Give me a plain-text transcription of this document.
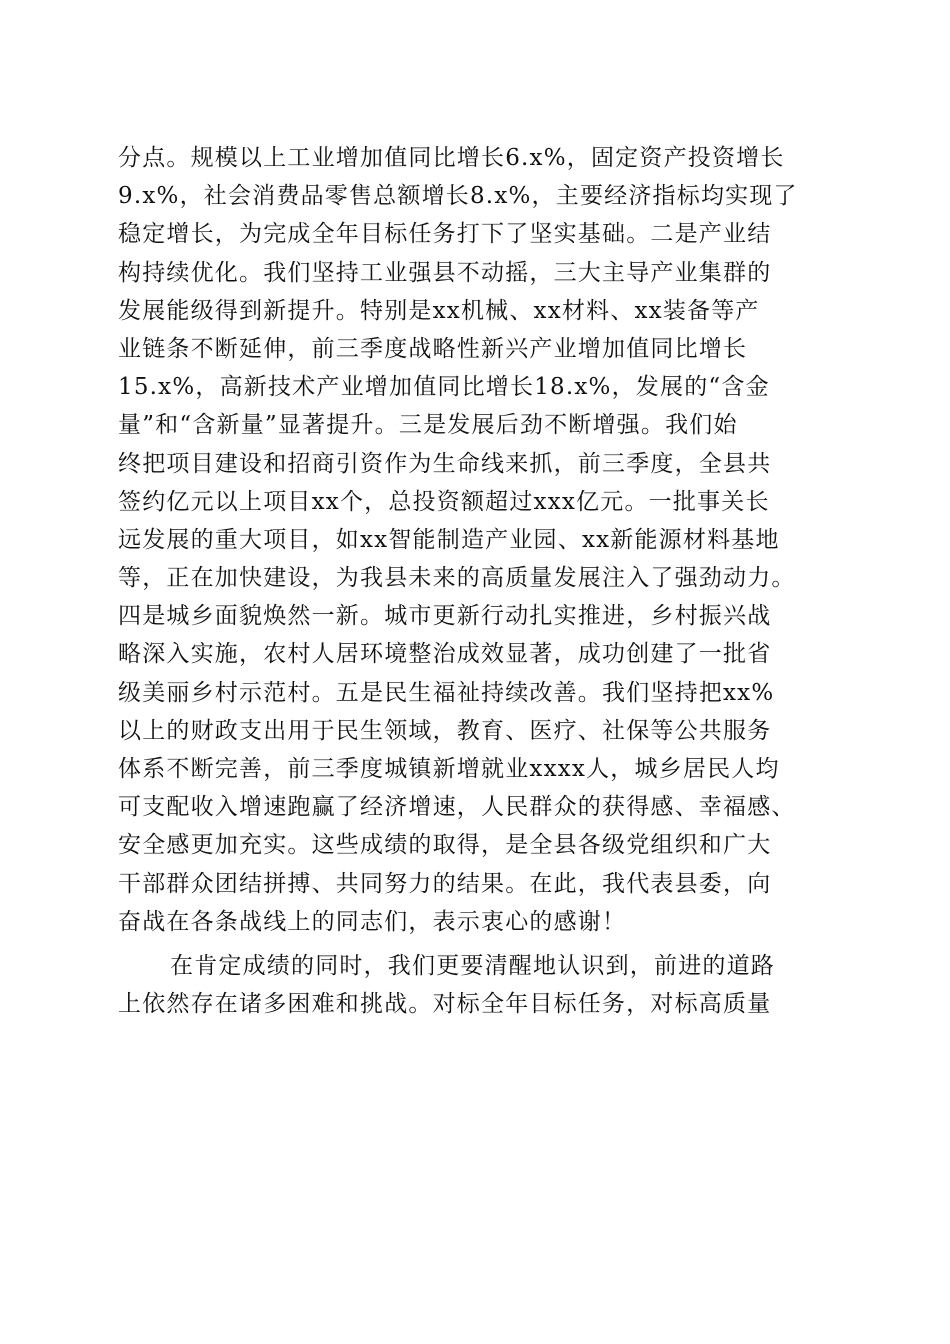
分点。规模以上工业增加值同比增长6.x%，固定资产投资增长
9.x%，社会消费品零售总额增长8.x%，主要经济指标均实现了
稳定增长，为完成全年目标任务打下了坚实基础。二是产业结
构持续优化。我们坚持工业强县不动摇，三大主导产业集群的
发展能级得到新提升。特别是xx机械、xx材料、xx装备等产
业链条不断延伸，前三季度战略性新兴产业增加值同比增长
15.x%，高新技术产业增加值同比增长18.x%，发展的“含金
量”和“含新量”显著提升。三是发展后劲不断增强。我们始
终把项目建设和招商引资作为生命线来抓，前三季度，全县共
签约亿元以上项目xx个，总投资额超过xxx亿元。一批事关长
远发展的重大项目，如xx智能制造产业园、xx新能源材料基地
等，正在加快建设，为我县未来的高质量发展注入了强劲动力。
四是城乡面貌焕然一新。城市更新行动扎实推进，乡村振兴战
略深入实施，农村人居环境整治成效显著，成功创建了一批省
级美丽乡村示范村。五是民生福祉持续改善。我们坚持把xx%
以上的财政支出用于民生领域，教育、医疗、社保等公共服务
体系不断完善，前三季度城镇新增就业xxxx人，城乡居民人均
可支配收入增速跑赢了经济增速，人民群众的获得感、幸福感、
安全感更加充实。这些成绩的取得，是全县各级党组织和广大
干部群众团结拼搏、共同努力的结果。在此，我代表县委，向
奋战在各条战线上的同志们，表示衷心的感谢！
在肯定成绩的同时，我们更要清醒地认识到，前进的道路
上依然存在诸多困难和挑战。对标全年目标任务，对标高质量
